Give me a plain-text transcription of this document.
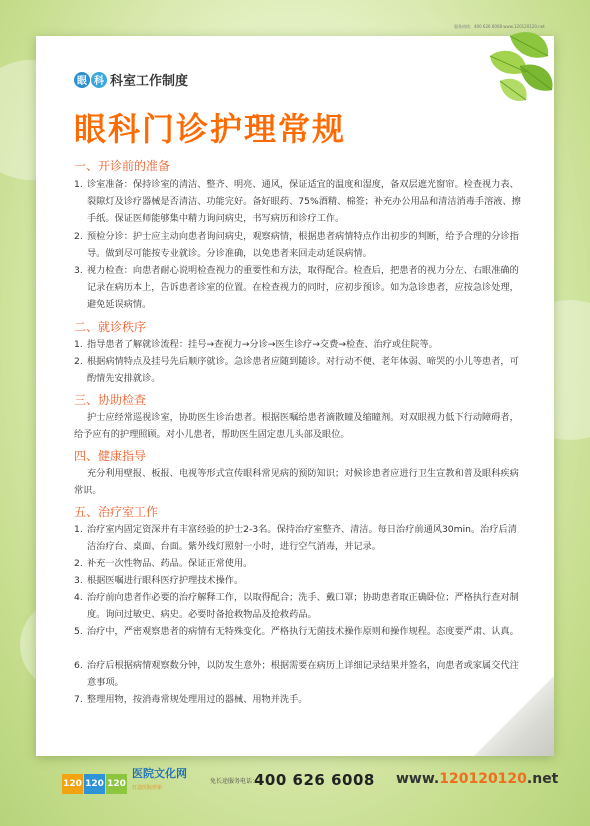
服务热线：400 626 6008 www.120120120.net
眼 科 科室工作制度
眼科门诊护理常规
一、开诊前的准备
1. 诊室准备：保持诊室的清洁、整齐、明亮、通风，保证适宜的温度和湿度，备双层遮光窗帘。检查视力表、裂隙灯及诊疗器械是否清洁、功能完好。备好眼药、75%酒精、棉签；补充办公用品和清洁消毒手溶液、擦手纸。保证医师能够集中精力询问病史，书写病历和诊疗工作。
2. 预检分诊：护士应主动向患者询问病史，观察病情，根据患者病情特点作出初步的判断，给予合理的分诊指导。做到尽可能按专业就诊。分诊准确，以免患者来回走动延误病情。
3. 视力检查：向患者耐心说明检查视力的重要性和方法，取得配合。检查后，把患者的视力分左、右眼准确的记录在病历本上，告诉患者诊室的位置。在检查视力的同时，应初步预诊。如为急诊患者，应按急诊处理，避免延误病情。
二、就诊秩序
1. 指导患者了解就诊流程：挂号→查视力→分诊→医生诊疗→交费→检查、治疗或住院等。
2. 根据病情特点及挂号先后顺序就诊。急诊患者应随到随诊。对行动不便、老年体弱、啼哭的小儿等患者，可酌情先安排就诊。
三、协助检查
护士应经常巡视诊室，协助医生诊治患者。根据医嘱给患者滴散瞳及缩瞳剂。对双眼视力低下行动障碍者，给予应有的护理照顾。对小儿患者，帮助医生固定患儿头部及眼位。
四、健康指导
充分利用壁报、板报、电视等形式宣传眼科常见病的预防知识；对候诊患者应进行卫生宣教和普及眼科疾病常识。
五、治疗室工作
1. 治疗室内固定资深并有丰富经验的护士2-3名。保持治疗室整齐、清洁。每日治疗前通风30min。治疗后清洁治疗台、桌面、台面。紫外线灯照射一小时，进行空气消毒，并记录。
2. 补充一次性物品、药品。保证正常使用。
3. 根据医嘱进行眼科医疗护理技术操作。
4. 治疗前向患者作必要的治疗解释工作，以取得配合；洗手、戴口罩；协助患者取正确卧位；严格执行查对制度。询问过敏史、病史。必要时备抢救物品及抢救药品。
5. 治疗中，严密观察患者的病情有无特殊变化。严格执行无菌技术操作原则和操作规程。态度要严肃、认真。
6. 治疗后根据病情观察数分钟，以防发生意外；根据需要在病历上详细记录结果并签名，向患者或家属交代注意事项。
7. 整理用物，按消毒常规处理用过的器械、用物并洗手。
120 120 120
医院文化网
打造医院形象
免长途服务电话：
400 626 6008 www.120120120.net
